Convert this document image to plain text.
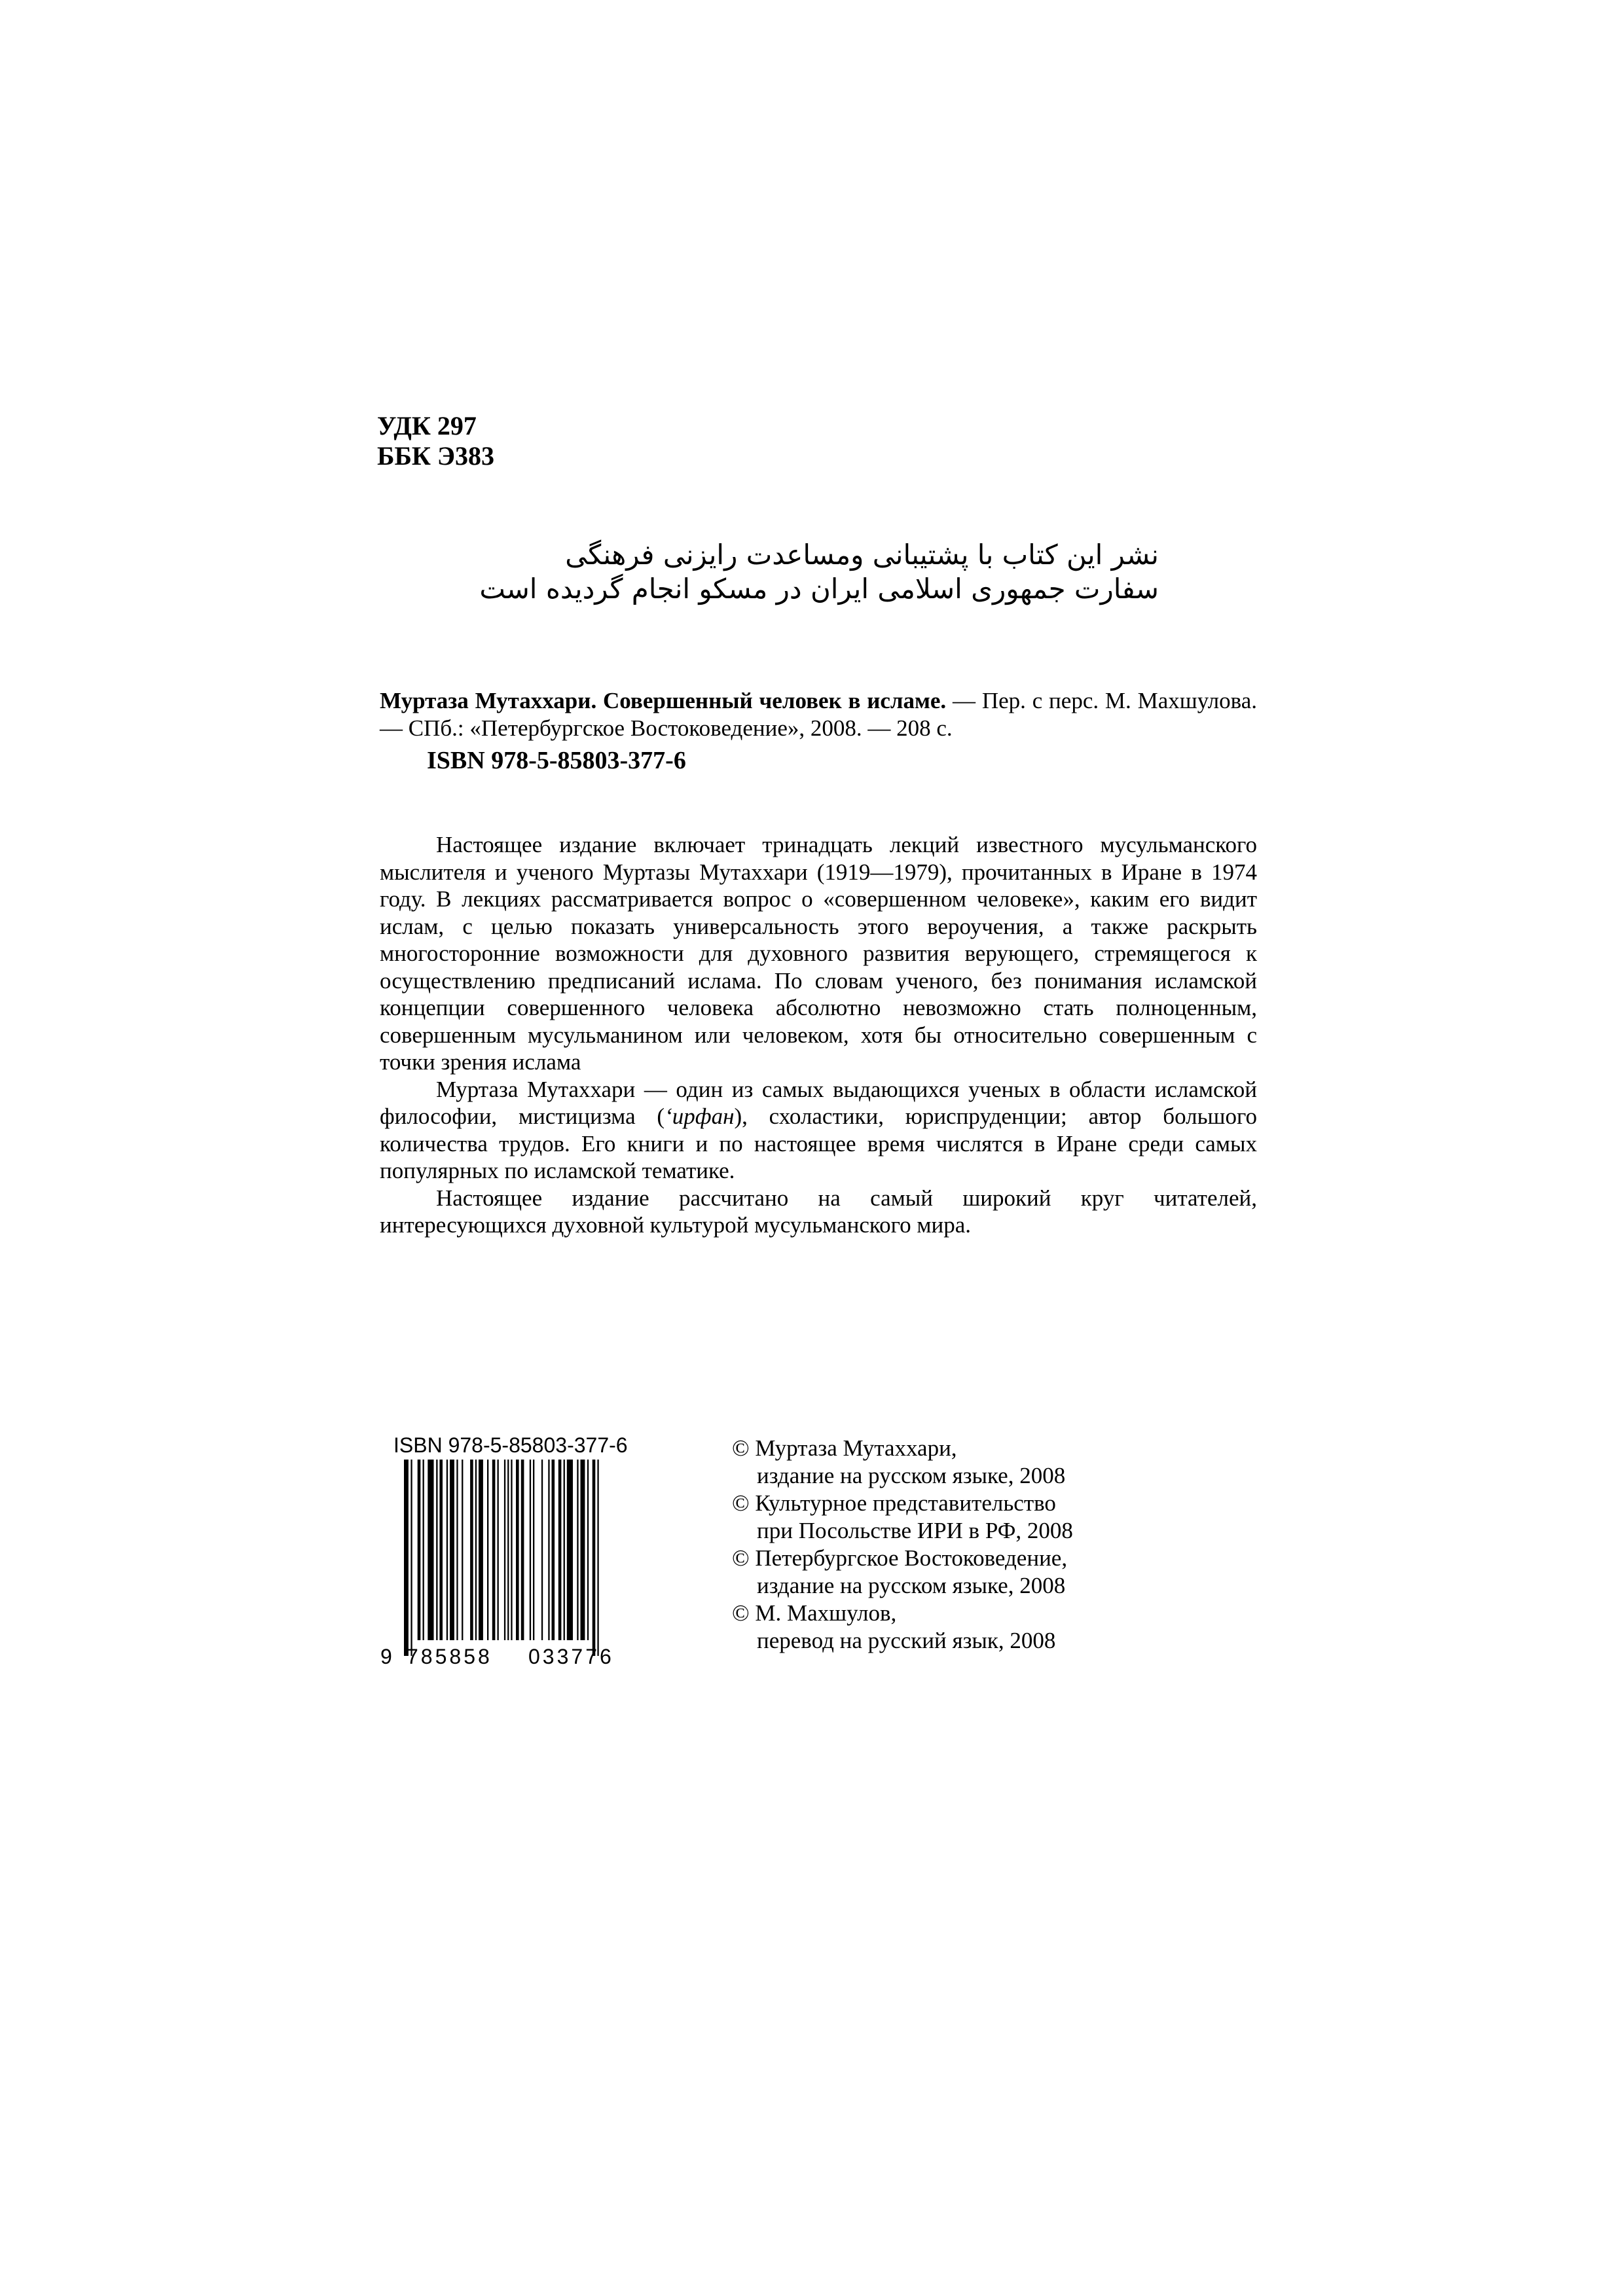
УДК 297
ББК Э383
نشر این کتاب با پشتیبانی ومساعدت رایزنی فرهنگی
سفارت جمهوری اسلامی ایران در مسکو انجام گردیده است
Муртаза Мутаххари. Совершенный человек в исламе. — Пер. с перс. М. Махшулова. — СПб.: «Петербургское Востоковедение», 2008. — 208 с.
ISBN 978-5-85803-377-6

Настоящее издание включает тринадцать лекций известного мусульманского мыслителя и ученого Муртазы Мутаххари (1919—1979), прочитанных в Иране в 1974 году. В лекциях рассматривается вопрос о «совершенном человеке», каким его видит ислам, с целью показать универсальность этого вероучения, а также раскрыть многосторонние возможности для духовного развития верующего, стремящегося к осуществлению предписаний ислама. По словам ученого, без понимания исламской концепции совершенного человека абсолютно невозможно стать полноценным, совершенным мусульманином или человеком, хотя бы относительно совершенным с точки зрения ислама

Муртаза Мутаххари — один из самых выдающихся ученых в области исламской философии, мистицизма (ʻирфан), схоластики, юриспруденции; автор большого количества трудов. Его книги и по настоящее время числятся в Иране среди самых популярных по исламской тематике.

Настоящее издание рассчитано на самый широкий круг читателей, интересующихся духовной культурой мусульманского мира.

ISBN 978-5-85803-377-6
9 785858 033776
© Муртаза Мутаххари,
издание на русском языке, 2008
© Культурное представительство
при Посольстве ИРИ в РФ, 2008
© Петербургское Востоковедение,
издание на русском языке, 2008
© М. Махшулов,
перевод на русский язык, 2008
